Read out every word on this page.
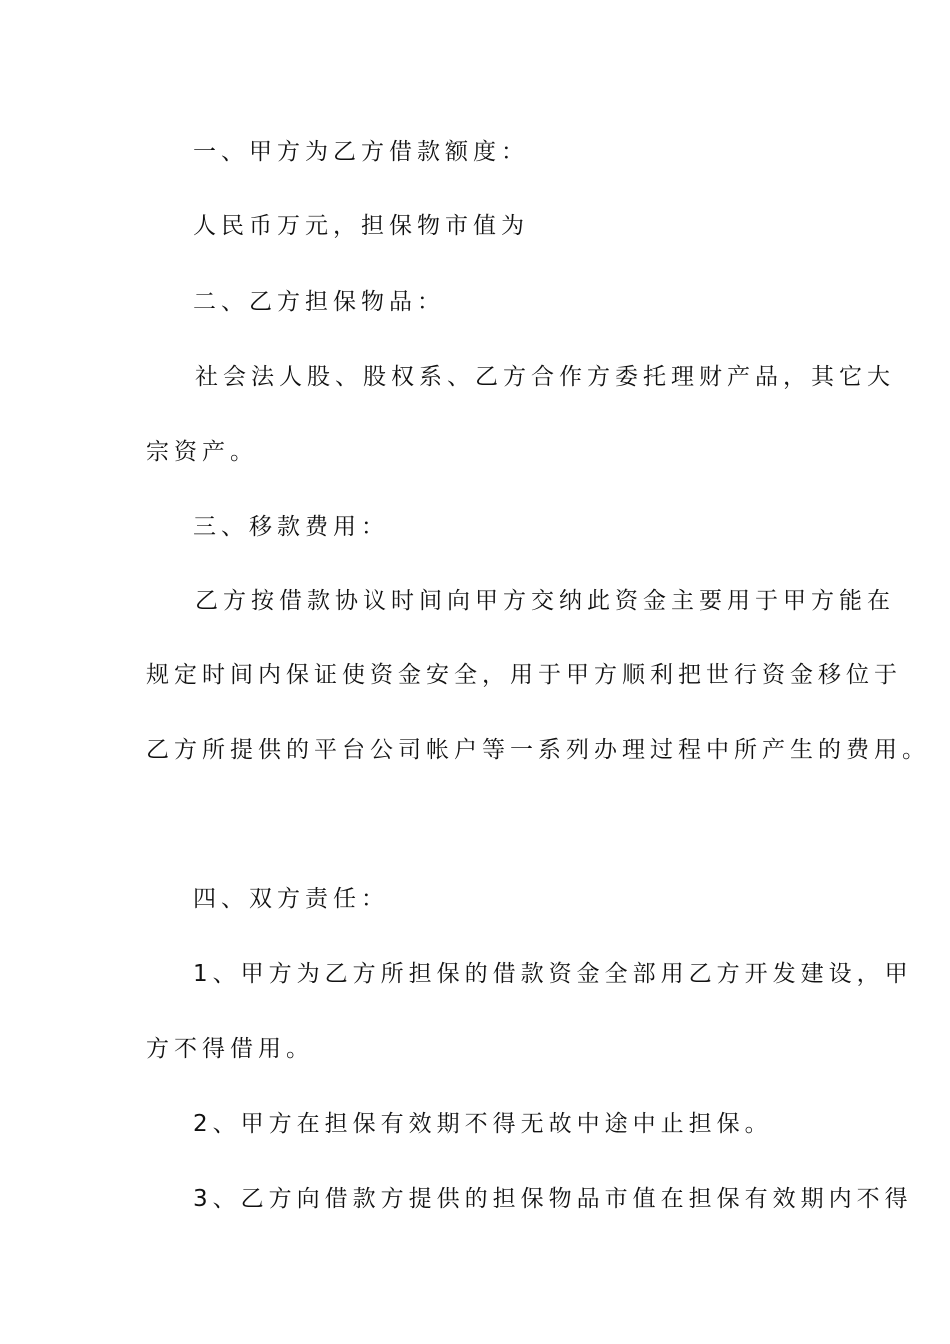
一、甲方为乙方借款额度：
人民币万元，担保物市值为
二、乙方担保物品：
社会法人股、股权系、乙方合作方委托理财产品，其它大
宗资产。
三、移款费用：
乙方按借款协议时间向甲方交纳此资金主要用于甲方能在
规定时间内保证使资金安全，用于甲方顺利把世行资金移位于
乙方所提供的平台公司帐户等一系列办理过程中所产生的费用。
四、双方责任：
1、甲方为乙方所担保的借款资金全部用乙方开发建设，甲
方不得借用。
2、甲方在担保有效期不得无故中途中止担保。
3、乙方向借款方提供的担保物品市值在担保有效期内不得
